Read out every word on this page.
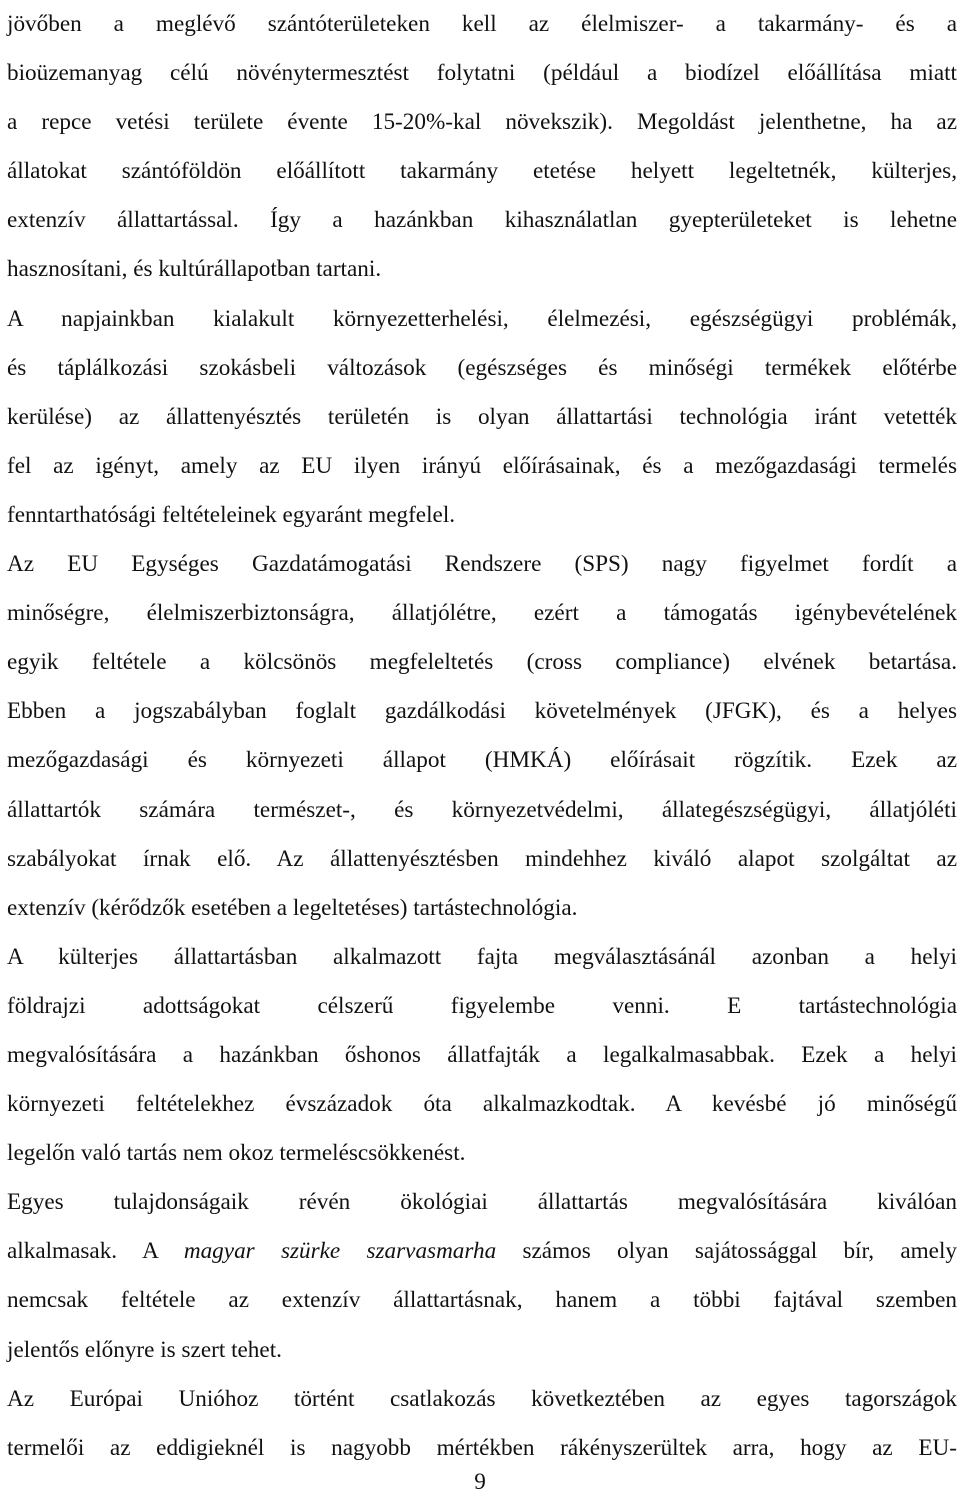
jövőben a meglévő szántóterületeken kell az élelmiszer- a takarmány- és a
bioüzemanyag célú növénytermesztést folytatni (például a biodízel előállítása miatt
a repce vetési területe évente 15-20%-kal növekszik). Megoldást jelenthetne, ha az
állatokat szántóföldön előállított takarmány etetése helyett legeltetnék, külterjes,
extenzív állattartással. Így a hazánkban kihasználatlan gyepterületeket is lehetne
hasznosítani, és kultúrállapotban tartani.
A napjainkban kialakult környezetterhelési, élelmezési, egészségügyi problémák,
és táplálkozási szokásbeli változások (egészséges és minőségi termékek előtérbe
kerülése) az állattenyésztés területén is olyan állattartási technológia iránt vetették
fel az igényt, amely az EU ilyen irányú előírásainak, és a mezőgazdasági termelés
fenntarthatósági feltételeinek egyaránt megfelel.
Az EU Egységes Gazdatámogatási Rendszere (SPS) nagy figyelmet fordít a
minőségre, élelmiszerbiztonságra, állatjólétre, ezért a támogatás igénybevételének
egyik feltétele a kölcsönös megfeleltetés (cross compliance) elvének betartása.
Ebben a jogszabályban foglalt gazdálkodási követelmények (JFGK), és a helyes
mezőgazdasági és környezeti állapot (HMKÁ) előírásait rögzítik. Ezek az
állattartók számára természet-, és környezetvédelmi, állategészségügyi, állatjóléti
szabályokat írnak elő. Az állattenyésztésben mindehhez kiváló alapot szolgáltat az
extenzív (kérődzők esetében a legeltetéses) tartástechnológia.
A külterjes állattartásban alkalmazott fajta megválasztásánál azonban a helyi
földrajzi adottságokat célszerű figyelembe venni. E tartástechnológia
megvalósítására a hazánkban őshonos állatfajták a legalkalmasabbak. Ezek a helyi
környezeti feltételekhez évszázadok óta alkalmazkodtak. A kevésbé jó minőségű
legelőn való tartás nem okoz termeléscsökkenést.
Egyes tulajdonságaik révén ökológiai állattartás megvalósítására kiválóan
alkalmasak. A magyar szürke szarvasmarha számos olyan sajátossággal bír, amely
nemcsak feltétele az extenzív állattartásnak, hanem a többi fajtával szemben
jelentős előnyre is szert tehet.
Az Európai Unióhoz történt csatlakozás következtében az egyes tagországok
termelői az eddigieknél is nagyobb mértékben rákényszerültek arra, hogy az EU-
9
